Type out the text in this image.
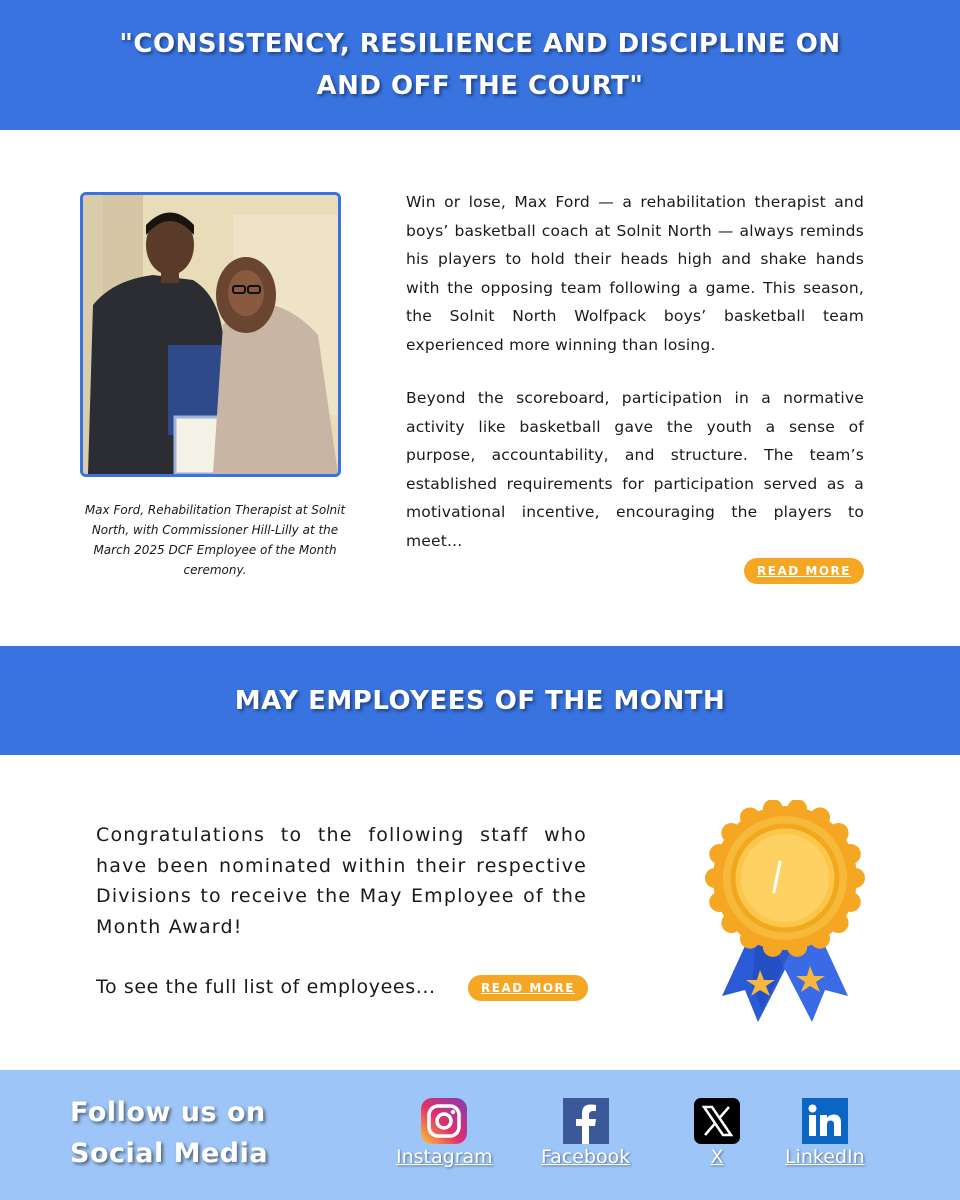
"CONSISTENCY, RESILIENCE AND DISCIPLINE ON AND OFF THE COURT"
Max Ford, Rehabilitation Therapist at Solnit North, with Commissioner Hill-Lilly at the March 2025 DCF Employee of the Month ceremony.

Win or lose, Max Ford — a rehabilitation therapist and boys’ basketball coach at Solnit North — always reminds his players to hold their heads high and shake hands with the opposing team following a game. This season, the Solnit North Wolfpack boys’ basketball team experienced more winning than losing.

Beyond the scoreboard, participation in a normative activity like basketball gave the youth a sense of purpose, accountability, and structure. The team’s established requirements for participation served as a motivational incentive, encouraging the players to meet...

READ MORE
MAY EMPLOYEES OF THE MONTH

Congratulations to the following staff who have been nominated within their respective Divisions to receive the May Employee of the Month Award!

To see the full list of employees...	READ MORE
Follow us on Social Media	Instagram	Facebook	X	LinkedIn
